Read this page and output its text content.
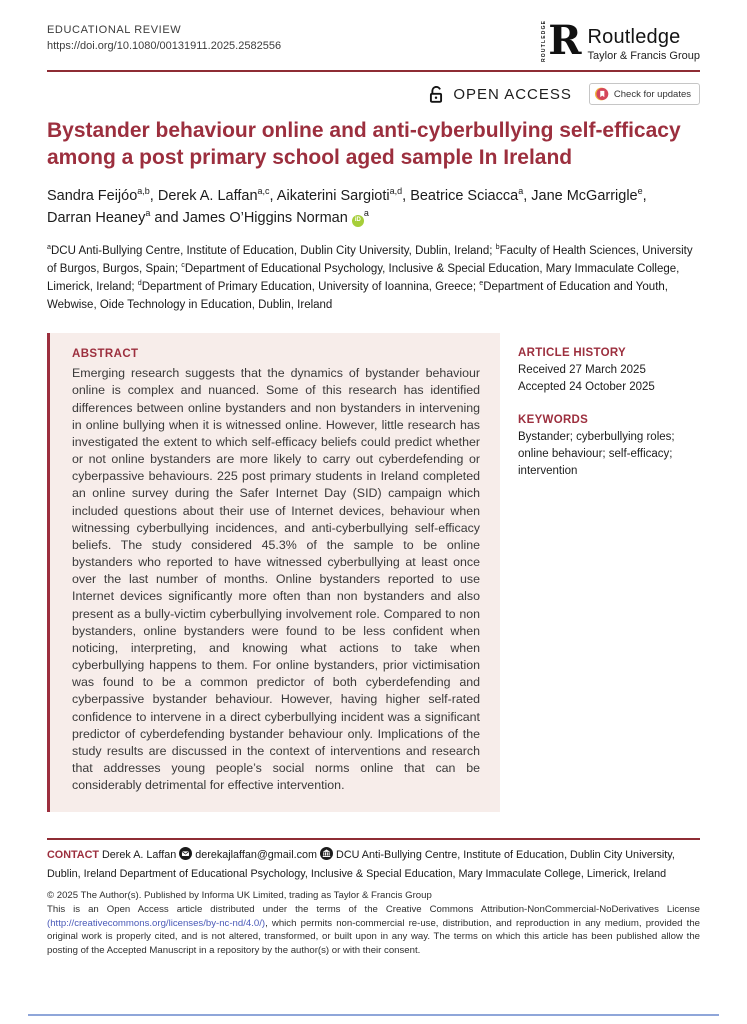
EDUCATIONAL REVIEW
https://doi.org/10.1080/00131911.2025.2582556	ROUTLEDGE R Routledge
Taylor & Francis Group
OPEN ACCESS	Check for updates
Bystander behaviour online and anti-cyberbullying self-efficacy among a post primary school aged sample In Ireland

Sandra Feijóo$^{a,b}$, Derek A. Laffan$^{a,c}$, Aikaterini Sargioti$^{a,d}$, Beatrice Sciacca$^a$, Jane McGarrigle$^e$, Darran Heaney$^a$ and James O’Higgins Norman $iD^a$

$^a$DCU Anti-Bullying Centre, Institute of Education, Dublin City University, Dublin, Ireland; $^b$Faculty of Health Sciences, University of Burgos, Burgos, Spain; $^c$Department of Educational Psychology, Inclusive & Special Education, Mary Immaculate College, Limerick, Ireland; $^d$Department of Primary Education, University of Ioannina, Greece; $^e$Department of Education and Youth, Webwise, Oide Technology in Education, Dublin, Ireland

ABSTRACT

Emerging research suggests that the dynamics of bystander behaviour online is complex and nuanced. Some of this research has identified differences between online bystanders and non bystanders in intervening in online bullying when it is witnessed online. However, little research has investigated the extent to which self-efficacy beliefs could predict whether or not online bystanders are more likely to carry out cyberdefending or cyberpassive behaviours. 225 post primary students in Ireland completed an online survey during the Safer Internet Day (SID) campaign which included questions about their use of Internet devices, behaviour when witnessing cyberbullying incidences, and anti-cyberbullying self-efficacy beliefs. The study considered 45.3% of the sample to be online bystanders who reported to have witnessed cyberbullying at least once over the last number of months. Online bystanders reported to use Internet devices significantly more often than non bystanders and also present as a bully-victim cyberbullying involvement role. Compared to non bystanders, online bystanders were found to be less confident when noticing, interpreting, and knowing what actions to take when cyberbullying happens to them. For online bystanders, prior victimisation was found to be a common predictor of both cyberdefending and cyberpassive bystander behaviour. However, having higher self-rated confidence to intervene in a direct cyberbullying incident was a significant predictor of cyberdefending bystander behaviour only. Implications of the study results are discussed in the context of interventions and research that addresses young people’s social norms online that can be considerably detrimental for effective intervention.

ARTICLE HISTORY

Received 27 March 2025

Accepted 24 October 2025

KEYWORDS

Bystander; cyberbullying roles; online behaviour; self-efficacy; intervention

CONTACT Derek A. Laffan derekajlaffan@gmail.com DCU Anti-Bullying Centre, Institute of Education, Dublin City University, Dublin, Ireland Department of Educational Psychology, Inclusive & Special Education, Mary Immaculate College, Limerick, Ireland

© 2025 The Author(s). Published by Informa UK Limited, trading as Taylor & Francis Group

This is an Open Access article distributed under the terms of the Creative Commons Attribution-NonCommercial-NoDerivatives License (http://creativecommons.org/licenses/by-nc-nd/4.0/), which permits non-commercial re-use, distribution, and reproduction in any medium, provided the original work is properly cited, and is not altered, transformed, or built upon in any way. The terms on which this article has been published allow the posting of the Accepted Manuscript in a repository by the author(s) or with their consent.
